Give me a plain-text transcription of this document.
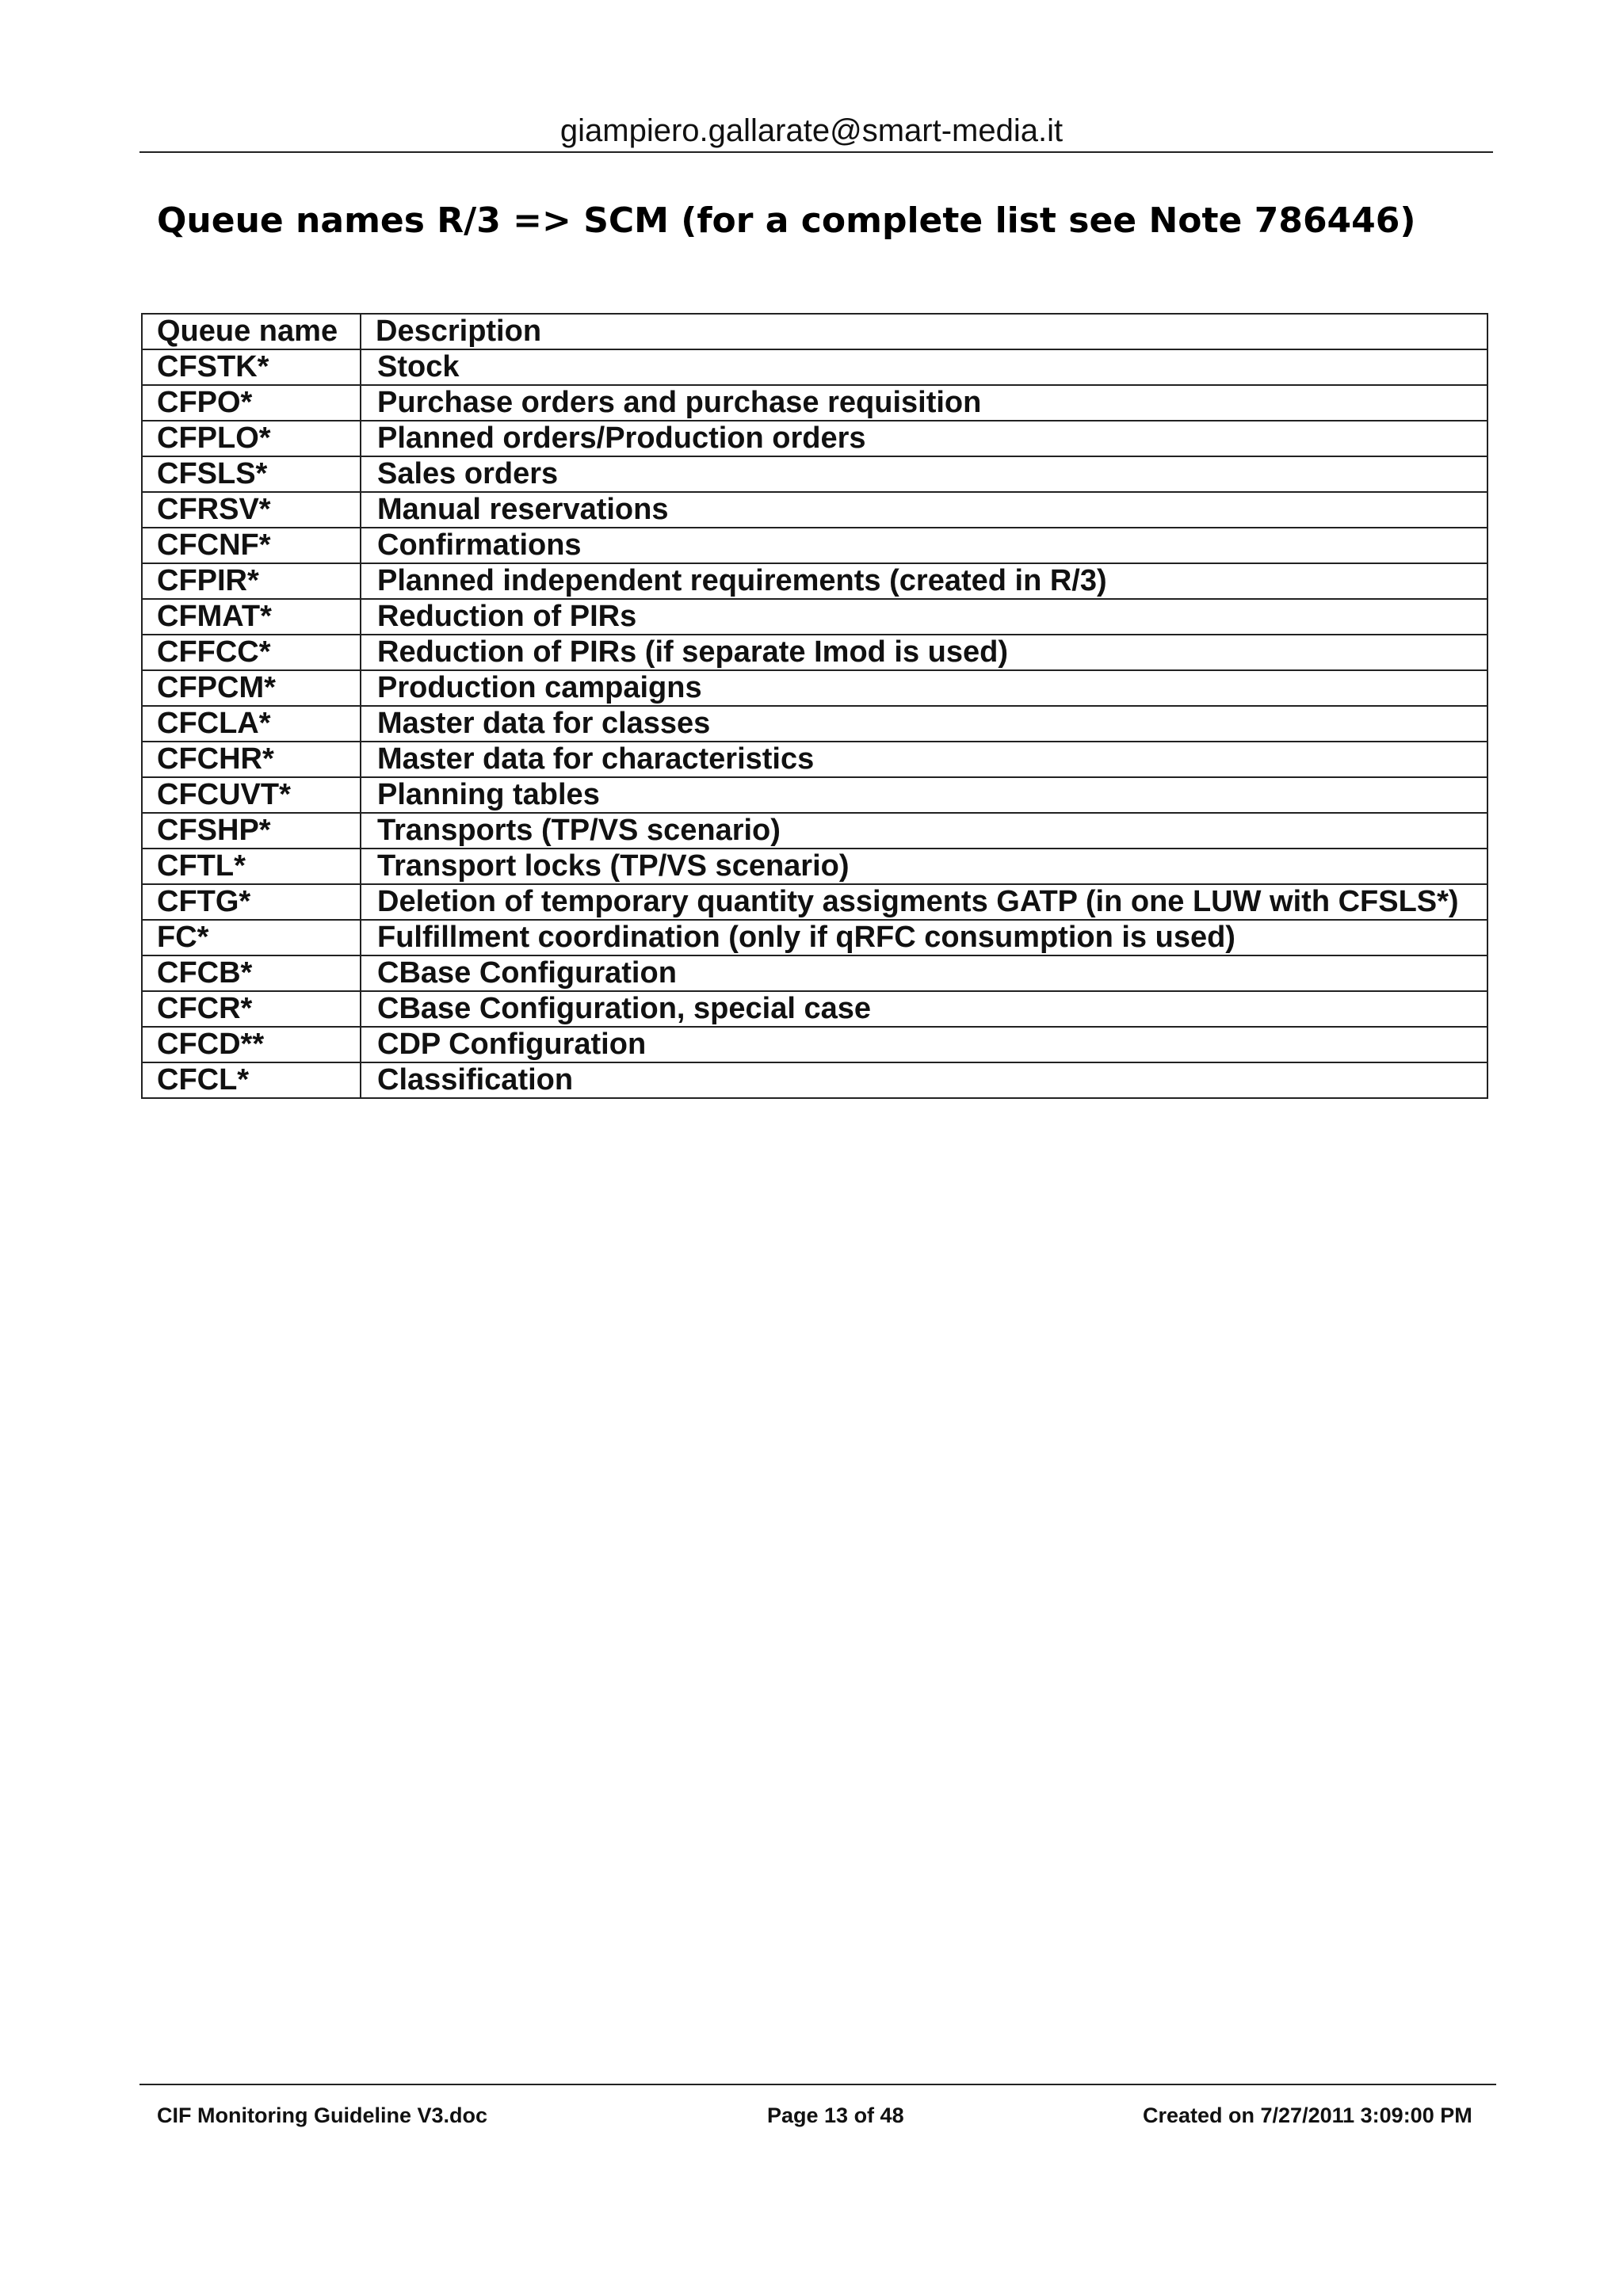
giampiero.gallarate@smart-media.it
Queue names R/3 => SCM (for a complete list see Note 786446)
Queue name	Description
CFSTK*	Stock

CFPO*	Purchase orders and purchase requisition

CFPLO*	Planned orders/Production orders

CFSLS*	Sales orders

CFRSV*	Manual reservations

CFCNF*	Confirmations

CFPIR*	Planned independent requirements (created in R/3)

CFMAT*	Reduction of PIRs

CFFCC*	Reduction of PIRs (if separate Imod is used)

CFPCM*	Production campaigns

CFCLA*	Master data for classes

CFCHR*	Master data for characteristics

CFCUVT*	Planning tables

CFSHP*	Transports (TP/VS scenario)

CFTL*	Transport locks (TP/VS scenario)

CFTG*	Deletion of temporary quantity assigments GATP (in one LUW with CFSLS*)

FC*	Fulfillment coordination (only if qRFC consumption is used)

CFCB*	CBase Configuration

CFCR*	CBase Configuration, special case

CFCD**	CDP Configuration

CFCL*	Classification
CIF Monitoring Guideline V3.doc	Page 13 of 48	Created on 7/27/2011 3:09:00 PM
